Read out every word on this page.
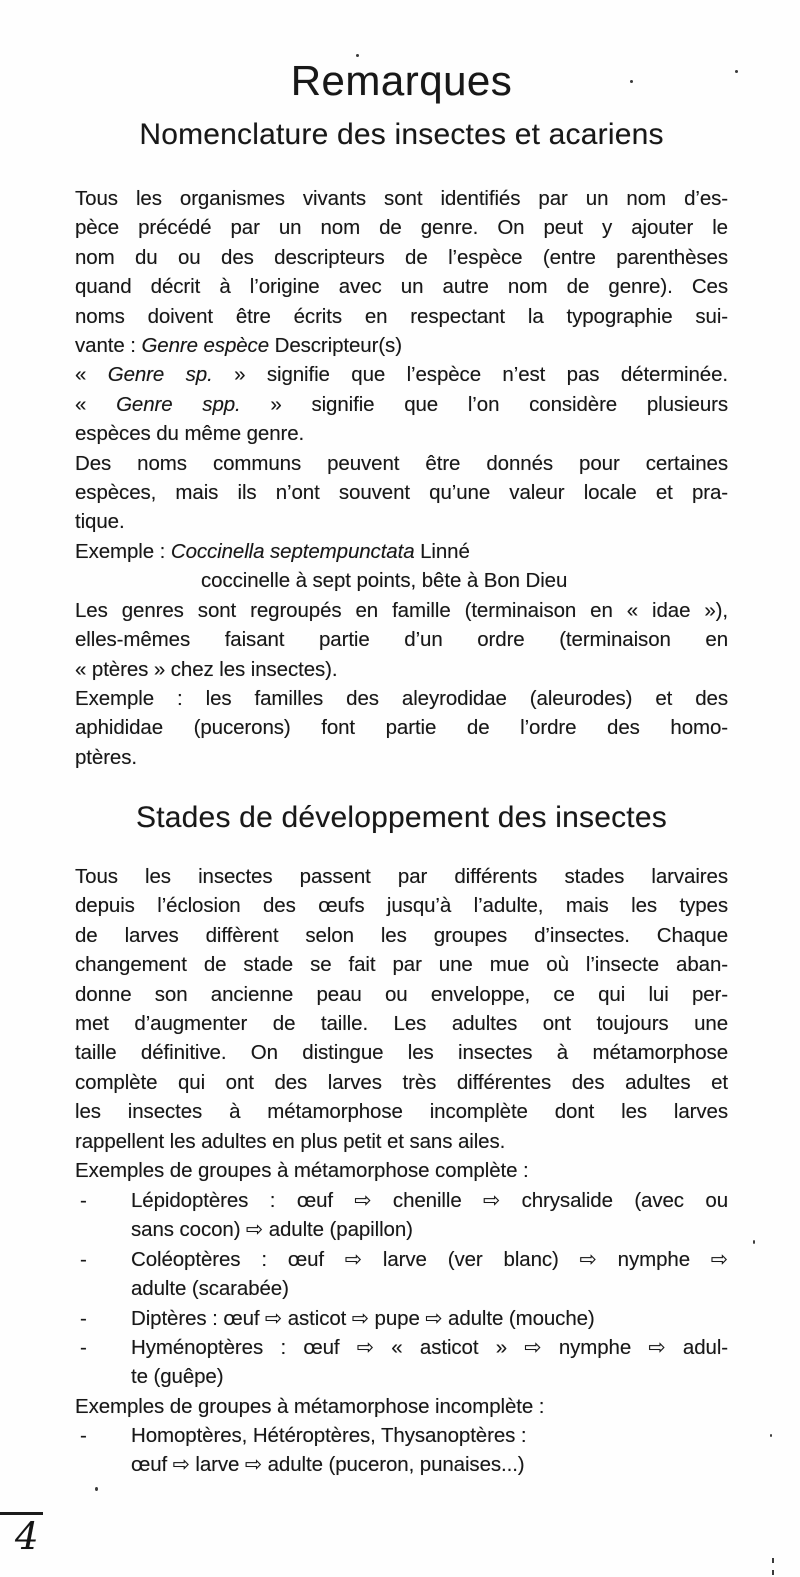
Remarques
Nomenclature des insectes et acariens
Tous les organismes vivants sont identifiés par un nom d’es-
pèce précédé par un nom de genre. On peut y ajouter le
nom du ou des descripteurs de l’espèce (entre parenthèses
quand décrit à l’origine avec un autre nom de genre). Ces
noms doivent être écrits en respectant la typographie sui-
vante : Genre espèce Descripteur(s)
« Genre sp. » signifie que l’espèce n’est pas déterminée.
« Genre spp. » signifie que l’on considère plusieurs
espèces du même genre.
Des noms communs peuvent être donnés pour certaines
espèces, mais ils n’ont souvent qu’une valeur locale et pra-
tique.
Exemple : Coccinella septempunctata Linné
coccinelle à sept points, bête à Bon Dieu
Les genres sont regroupés en famille (terminaison en « idae »),
elles-mêmes faisant partie d’un ordre (terminaison en
« ptères » chez les insectes).
Exemple : les familles des aleyrodidae (aleurodes) et des
aphididae (pucerons) font partie de l’ordre des homo-
ptères.
Stades de développement des insectes
Tous les insectes passent par différents stades larvaires
depuis l’éclosion des œufs jusqu’à l’adulte, mais les types
de larves diffèrent selon les groupes d’insectes. Chaque
changement de stade se fait par une mue où l’insecte aban-
donne son ancienne peau ou enveloppe, ce qui lui per-
met d’augmenter de taille. Les adultes ont toujours une
taille définitive. On distingue les insectes à métamorphose
complète qui ont des larves très différentes des adultes et
les insectes à métamorphose incomplète dont les larves
rappellent les adultes en plus petit et sans ailes.
Exemples de groupes à métamorphose complète :
-	Lépidoptères : œuf ⇨ chenille ⇨ chrysalide (avec ou
sans cocon) ⇨ adulte (papillon)
-	Coléoptères : œuf ⇨ larve (ver blanc) ⇨ nymphe ⇨
adulte (scarabée)
-	Diptères : œuf ⇨ asticot ⇨ pupe ⇨ adulte (mouche)
-	Hyménoptères : œuf ⇨ « asticot » ⇨ nymphe ⇨ adul-
te (guêpe)
Exemples de groupes à métamorphose incomplète :
-	Homoptères, Hétéroptères, Thysanoptères :
œuf ⇨ larve ⇨ adulte (puceron, punaises...)
4
